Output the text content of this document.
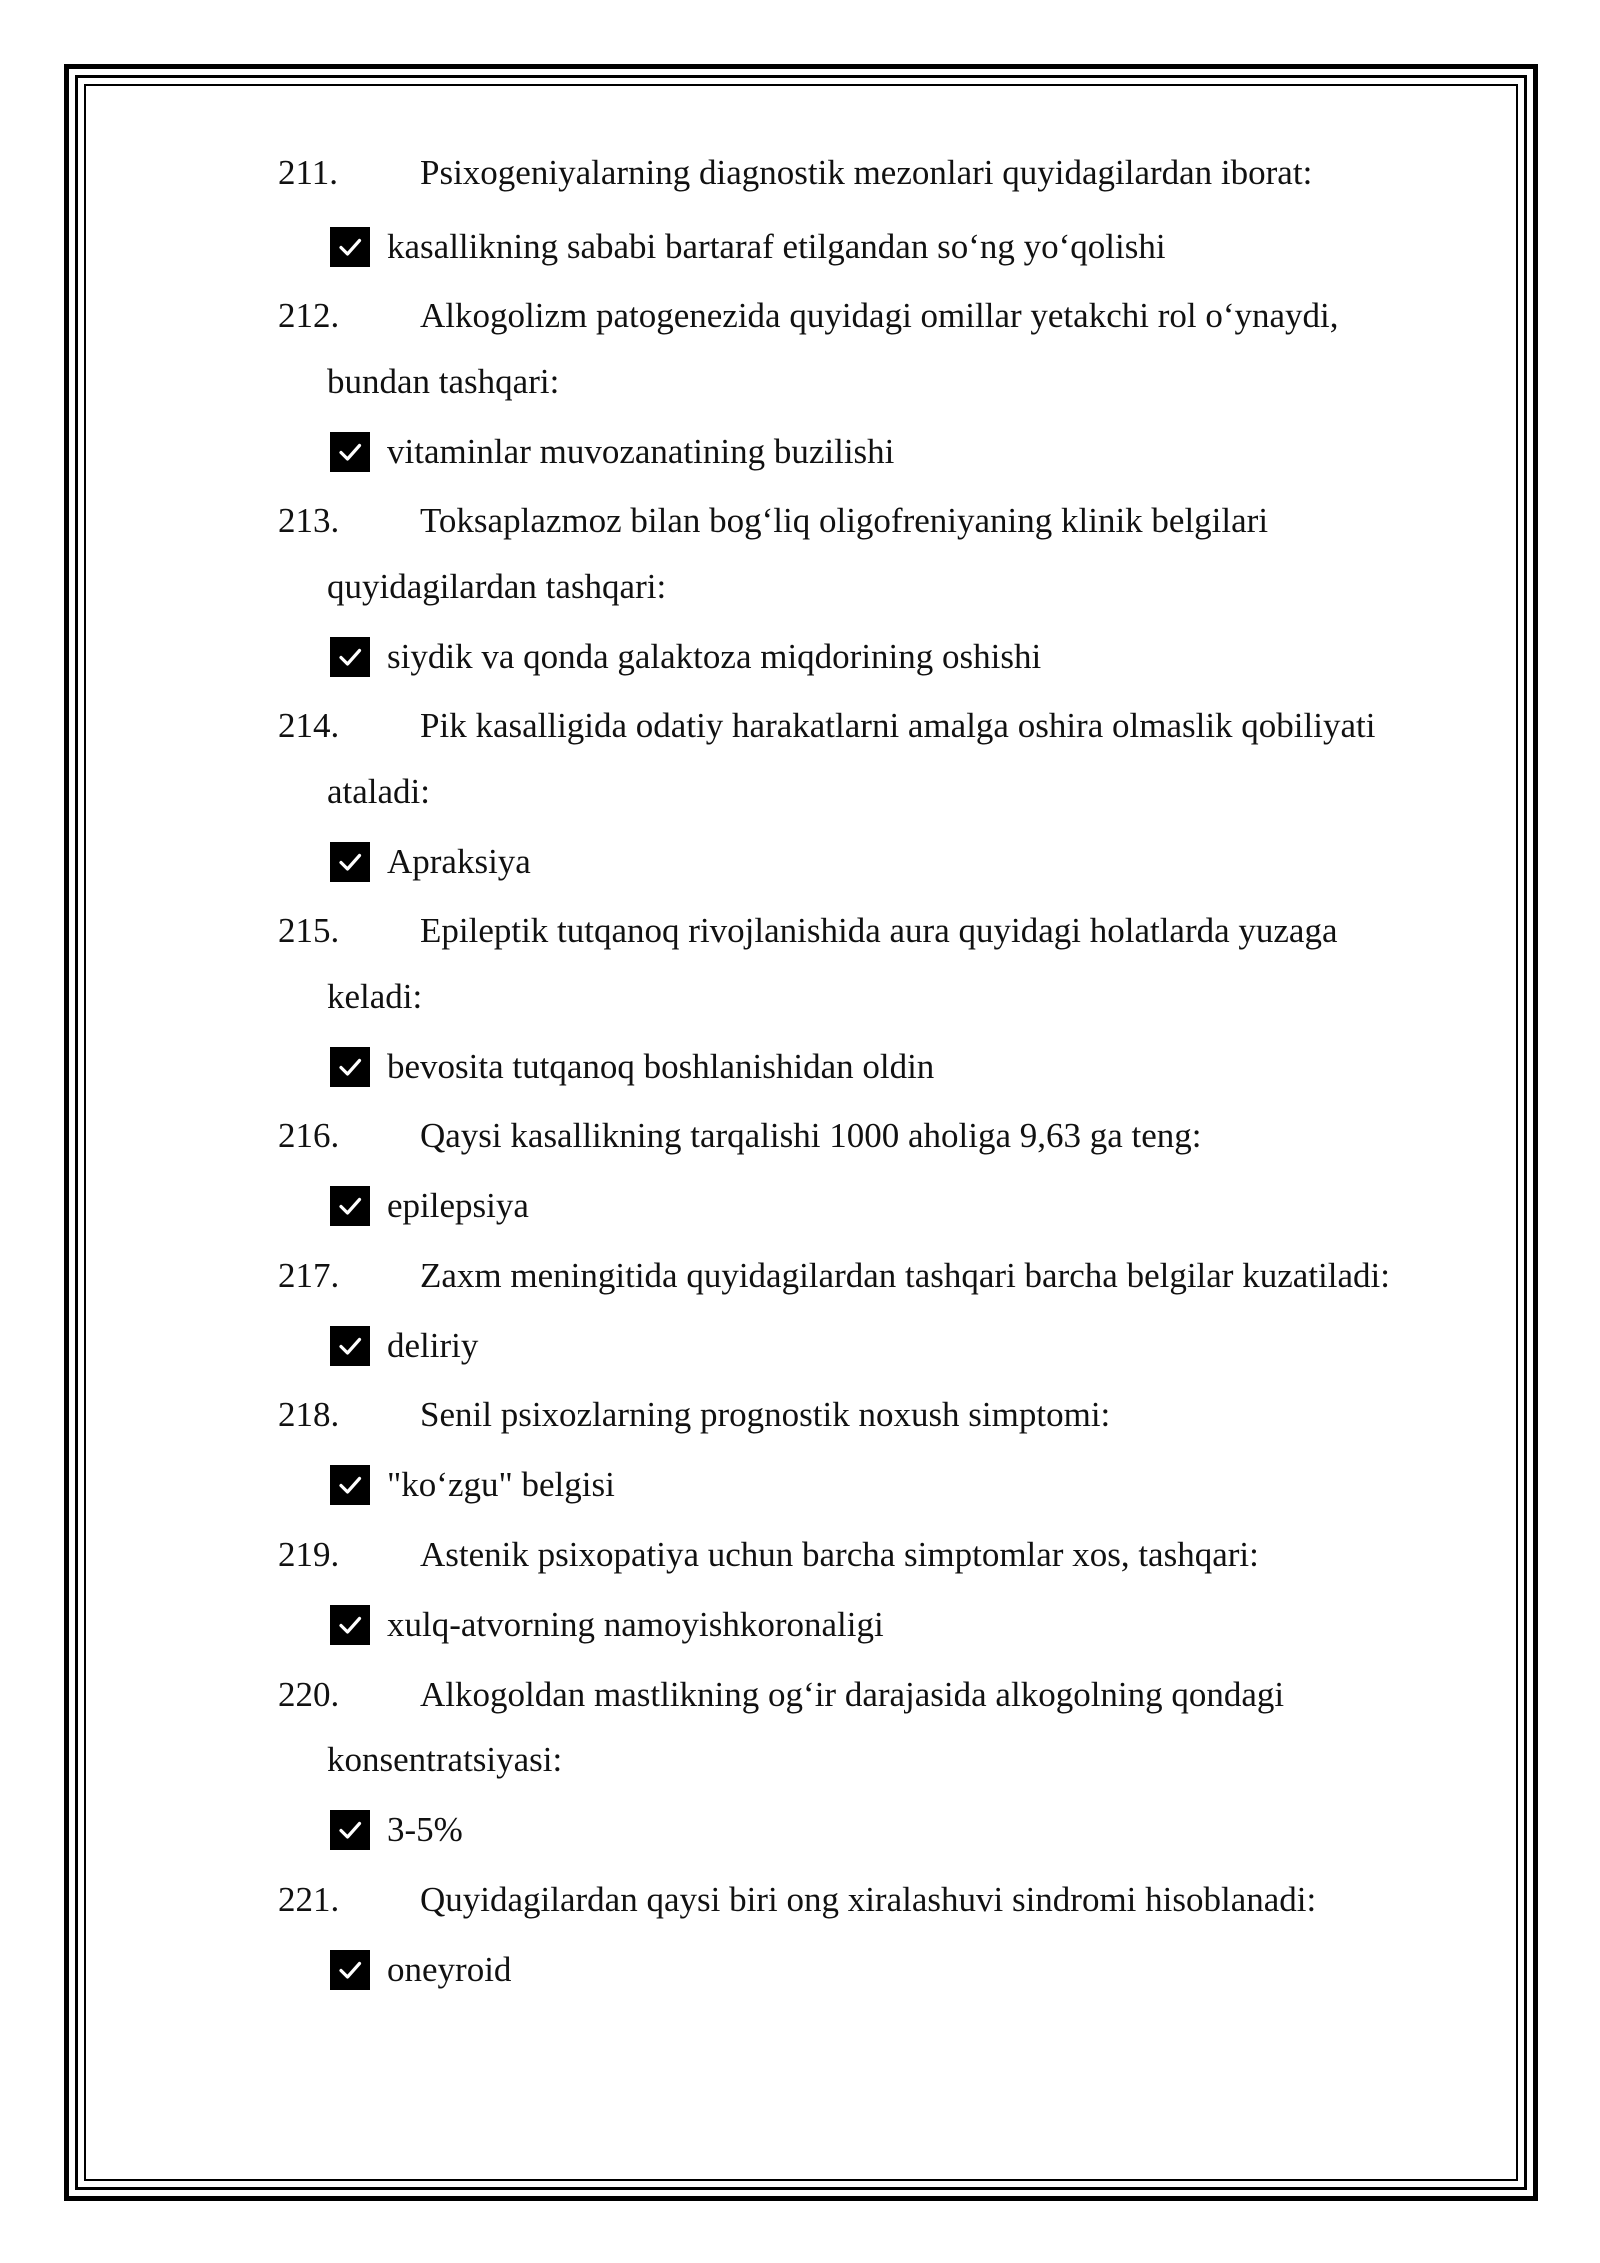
211.	Psixogeniyalarning diagnostik mezonlari quyidagilardan iborat:
kasallikning sababi bartaraf etilgandan so‘ng yo‘qolishi
212.	Alkogolizm patogenezida quyidagi omillar yetakchi rol o‘ynaydi,
bundan tashqari:
vitaminlar muvozanatining buzilishi
213.	Toksaplazmoz bilan bog‘liq oligofreniyaning klinik belgilari
quyidagilardan tashqari:
siydik va qonda galaktoza miqdorining oshishi
214.	Pik kasalligida odatiy harakatlarni amalga oshira olmaslik qobiliyati
ataladi:
Apraksiya
215.	Epileptik tutqanoq rivojlanishida aura quyidagi holatlarda yuzaga
keladi:
bevosita tutqanoq boshlanishidan oldin
216.	Qaysi kasallikning tarqalishi 1000 aholiga 9,63 ga teng:
epilepsiya
217.	Zaxm meningitida quyidagilardan tashqari barcha belgilar kuzatiladi:
deliriy
218.	Senil psixozlarning prognostik noxush simptomi:
"ko‘zgu" belgisi
219.	Astenik psixopatiya uchun barcha simptomlar xos, tashqari:
xulq-atvorning namoyishkoronaligi
220.	Alkogoldan mastlikning og‘ir darajasida alkogolning qondagi
konsentratsiyasi:
3-5%
221.	Quyidagilardan qaysi biri ong xiralashuvi sindromi hisoblanadi:
oneyroid
